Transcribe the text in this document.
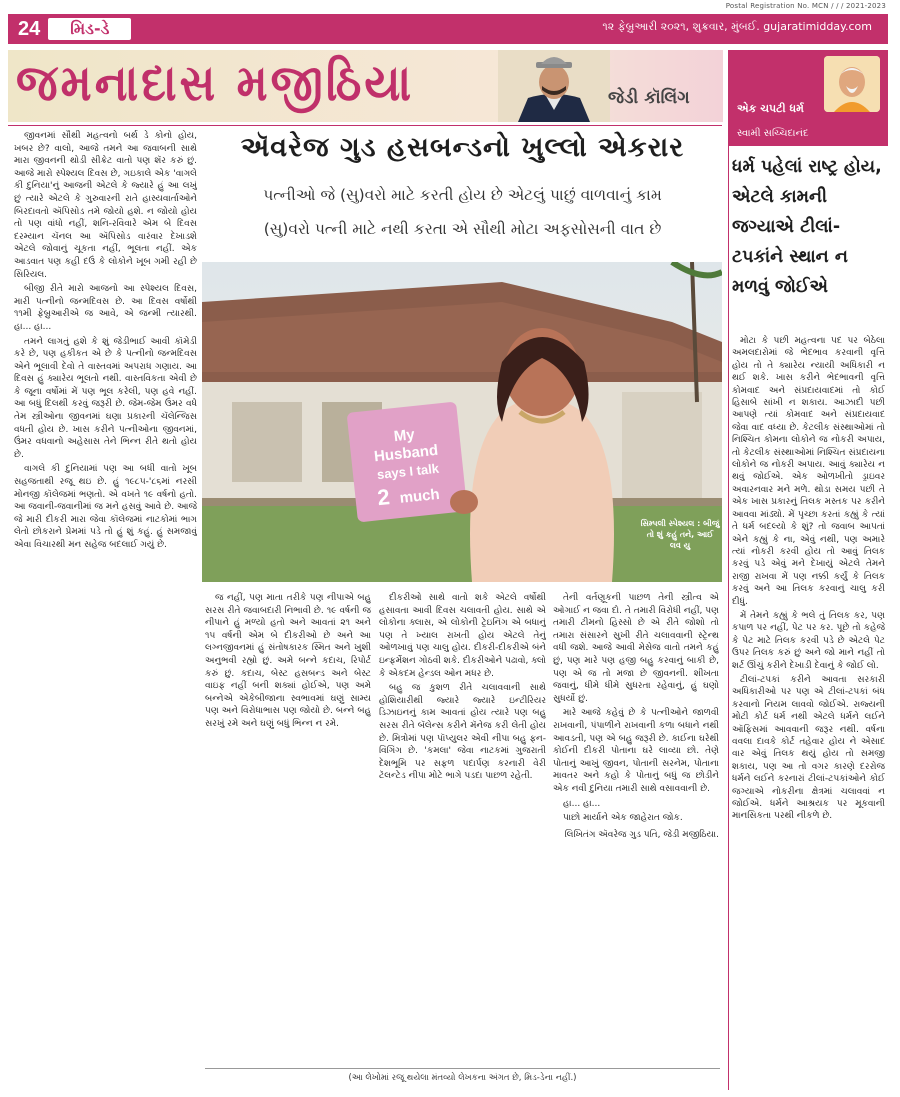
Postal Registration No. MCN / / / 2021-2023
24	મિડ-ડે	૧૨ ફેબ્રુઆરી ૨૦૨૧, શુક્રવાર, મુંબઈ. gujaratimidday.com
જમનાદાસ મજીઠિયા	જેડી કૉલિંગ
એક ચપટી ધર્મ
સ્વામી સચ્ચિદાનંદ
ઍવરેજ ગુડ હસબન્ડનો ખુલ્લો એકરાર
પત્નીઓ જે (સુ)વરો માટે કરતી હોય છે એટલું પાછું વાળવાનું કામ
(સુ)વરો પત્ની માટે નથી કરતા એ સૌથી મોટા અફસોસની વાત છે
My
Husband
says I talk
2 much
સિમ્પલી સ્પેશ્યલ : બીજું તો શું કહું તને, આઈ લવ યુ
ધર્મ પહેલાં રાષ્ટ્ર હોય, એટલે કામની જગ્યાએ ટીલાં-ટપકાંને સ્થાન ન મળવું જોઈએ

જીવનમાં સૌથી મહત્વનો બર્થ ડે કોનો હોય, ખબર છે? વાલો, આજે તમને આ જવાબની સાથે મારા જીવનની થોડી સીક્રેટ વાતો પણ શૅર કરું છું. આજે મારો સ્પેશ્યલ દિવસ છે, ગઇકાલે એક 'વાગલે કી દુનિયા'નું આજની એટલે કે જ્યારે હું આ લખું છું ત્યારે એટલે કે ગુરુવારની રાતે હાસ્યવાર્તાઓને બિરદાવતો ઍપિસોડ તમે જોયો હશે. ન જોયો હોય તો પણ વાંધો નહીં, શનિ-રવિવારે એમ બે દિવસ દરમ્યાન ચૅનલ આ ઍપિસોડ વારંવાર દેખાડશે એટલે જોવાનું ચૂકતા નહીં, ભૂલતા નહીં. એક આડવાત પણ કહી દઉં કે લોકોને ખૂબ ગમી રહી છે સિરિયલ.

બીજી રીતે મારો આજનો આ સ્પેશ્યલ દિવસ, મારી પત્નીનો જન્મદિવસ છે. આ દિવસ વર્ષોથી ૧૧મી ફેબ્રુઆરીએ જ આવે, એ જન્મી ત્યારથી. હા... હા...

તમને લાગતું હશે કે શું જેડીભાઈ આવી કૉમેડી કરે છે, પણ હકીકત એ છે કે પત્નીનો જન્મદિવસ એને ભૂલાવી દેવો તે વાસ્તવમાં અપરાધ ગણાય. આ દિવસ હું ક્યારેય ભૂલતો નથી. વાસ્તવિકતા એવી છે કે જૂના વર્ષોમાં મેં પણ ભૂલ કરેલી, પણ હવે નહીં. આ બધું દિલથી કરવું જરૂરી છે. જેમ-જેમ ઉંમર વધે તેમ સ્ત્રીઓના જીવનમાં ઘણા પ્રકારની ચૅલેન્જિસ વધતી હોય છે. ખાસ કરીને પત્નીઓના જીવનમાં, ઉંમર વધવાનો અહેસાસ તેને ભિન્ન રીતે થતો હોય છે.

વાગલે કી દુનિયામાં પણ આ બધી વાતો ખૂબ સહજતાથી રજૂ થઇ છે. હું ૧૯૮૫-'૮૬માં નરસી મોનજી કૉલેજમાં ભણતો. એ વખતે ૧૯ વર્ષનો હતો. આ જવાની-જવાનીમાં જ મને હસવું આવે છે. આજે જે મારી દીકરી મારા જેવા કૉલેજમાં નાટકોમાં ભાગ લેતો છોકરાને પ્રેમમાં પડે તો હું શું કહું. હું સમજાવું એવા વિચારથી મન સહેજ બદલાઈ ગયું છે.

જ નહીં, પણ માતા તરીકે પણ નીપાએ બહુ સરસ રીતે જવાબદારી નિભાવી છે. ૧૯ વર્ષની જ નીપાને હું મળ્યો હતો અને આવતાં ૨૧ અને ૧૫ વર્ષની એમ બે દીકરીઓ છે અને આ લગ્નજીવનમાં હું સંતોષકારક સ્મિત અને ખુશી અનુભવી રહ્યો છું. અમે બન્ને કદાચ, રિપોર્ટ કરું છું. કદાચ, બેસ્ટ હસબન્ડ અને બેસ્ટ વાઇફ નહીં બની શક્યાં હોઈએ, પણ અમે બન્નેએ એકેબીજાના સ્વભાવમાં ઘણું સામ્ય પણ અને વિરોધાભાસ પણ જોયો છે. બન્ને બહુ સરખું રમે અને ઘણું બધું ભિન્ન ન રમે.

દીકરીઓ સાથે વાતો શકે એટલે વર્ષોથી હસાવતા આવી દિવસ ચલાવતી હોય. સાથે એ લોકોના ક્લાસ, એ લોકોની ટ્રેઇનિંગ એ બધાનું પણ તે ખ્યાલ રાખતી હોય એટલે તેનું ઓળખાવું પણ ચાલુ હોય. દીકરી-દીકરીએ બંને ઇન્ફર્મેશન ગોઠવી શકે. દીકરીઓને પઢાવો, ક્લો કે એકદમ હેન્ડલ ઓન મધર છે.

બહુ જ કુશળ રીતે ચલાવવાની સાથે હોશિયારીથી જ્યારે જ્યારે ઇન્ટીરિયર ડિઝાઇનનું કામ આવતાં હોય ત્યારે પણ બહુ સરસ રીતે બૅલેન્સ કરીને મૅનેજ કરી લેતી હોય છે. મિત્રોમાં પણ પૉપ્યુલર એવી નીપા બહુ ફન-વિંગિંગ છે. 'કમલા' જેવા નાટકમાં ગુજરાતી દેશભૂમિ પર સફળ પદાર્પણ કરનારી વેરી ટૅલન્ટેડ નીપા મોટે ભાગે પડદા પાછળ રહેતી.

તેની વર્તણૂકની પાછળ તેની સ્ત્રીત્વ એ ઓગાઈ ન જવા દો. તે તમારી વિરોધી નહીં, પણ તમારી ટીમનો હિસ્સો છે એ રીતે જોશો તો તમારા સંસારને સુખી રીતે ચલાવવાની સ્ટ્રેન્થ વધી જશે. આજે આવી મેસેજ વાતો તમને કહું છું, પણ મારે પણ હજી બહુ કરવાનું બાકી છે, પણ એ જ તો મજા છે જીવનની. શીખતા જવાનું, ધીમે ધીમે સુધરતા રહેવાનું, હું ઘણો સુધર્યો છું.

મારે આજે કહેવું છે કે પત્નીઓને જાળવી રાખવાની, પંપાળીને રાખવાની કળા બધાને નથી આવડતી, પણ એ બહુ જરૂરી છે. કાઈના ઘરેથી કોઈની દીકરી પોતાના ઘરે લાવ્યા છો. તેણે પોતાનું આખું જીવન, પોતાની સરનેમ, પોતાના માવતર અને કહો કે પોતાનું બધું જ છોડીને એક નવી દુનિયા તમારી સાથે વસાવવાની છે.

હા... હા...

પાછો માર્યાને એક જાહેરાત જોક.

લિખિતંગ ઍવરેજ ગુડ પતિ, જેડી મજીઠિયા.

મોટા કે પછી મહત્વના પદ પર બેઠેલા અમલદારોમાં જે ભેદભાવ કરવાની વૃત્તિ હોય તો તે ક્યારેય ન્યાયી અધિકારી ન થઈ શકે. ખાસ કરીને ભેદભાવની વૃત્તિ કોમવાદ અને સંપ્રદાયવાદમાં તો કોઈ હિસાબે સાંખી ન શકાય. આઝાદી પછી આપણે ત્યાં કોમવાદ અને સંપ્રદાયવાદ જેવા વાદ વધ્યા છે. કેટલીક સંસ્થાઓમાં તો નિશ્ચિત કોમના લોકોને જ નોકરી અપાય, તો કેટલીક સંસ્થાઓમાં નિશ્ચિત સંપ્રદાયના લોકોને જ નોકરી અપાય. આવું ક્યારેય ન થવું જોઈએ. એક ઓળખીતો ડ્રાઇવર અવારનવાર મને મળે. થોડા સમય પછી તે એક ખાસ પ્રકારનું તિલક મસ્તક પર કરીને આવવા માંડ્યો. મેં પૃચ્છા કરતાં કહ્યું કે ત્યાં તે ધર્મ બદલ્યો કે શું? તો જવાબ આપતાં એને કહ્યું કે ના, એવું નથી, પણ અમારે ત્યાં નોકરી કરવી હોય તો આવું તિલક કરવું પડે એવું મને દેખાયું એટલે તેમને રાજી રાખવા મેં પણ નક્કી કર્યું કે તિલક કરવું અને આ તિલક કરવાનું ચાલુ કરી દીધું.

મેં તેમને કહ્યું કે ભલે તું તિલક કર, પણ કપાળ પર નહીં, પેટ પર કર. પૂછે તો કહેજે કે પેટ માટે તિલક કરવી પડે છે એટલે પેટ ઉપર તિલક કરું છું અને જો માને નહીં તો શર્ટ ઊંચું કરીને દેખાડી દેવાનું કે જોઈ લો.

ટીલાં-ટપકાં કરીને આવતા સરકારી અધિકારીઓ પર પણ એ ટીલાં-ટપકાં બંધ કરવાનો નિયમ લાવવો જોઈએ. રાજ્યની મોટી કોર્ટ ધર્મ નથી એટલે ધર્મને લઈને ઑફિસમાં આવવાની જરૂર નથી. વર્ષના વવલા દાવકે કોર્ટ તહેવાર હોય ને એસાદ વાર એવું તિલક થયું હોય તો સમજી શકાય, પણ આ તો વગર કારણે દરરોજ ધર્મને લઈને કરનારાં ટીલાં-ટપકાંઓને કોઈ જગ્યાએ નોકરીના ક્ષેત્રમાં ચલાવવાં ન જોઈએ. ધર્મને આશ્રયક પર મૂકવાની માનસિકતા પરથી નીકળે છે.

(આ લેખોમાં રજૂ થયેલા મંતવ્યો લેખકના અંગત છે, મિડ-ડેના નહીં.)
